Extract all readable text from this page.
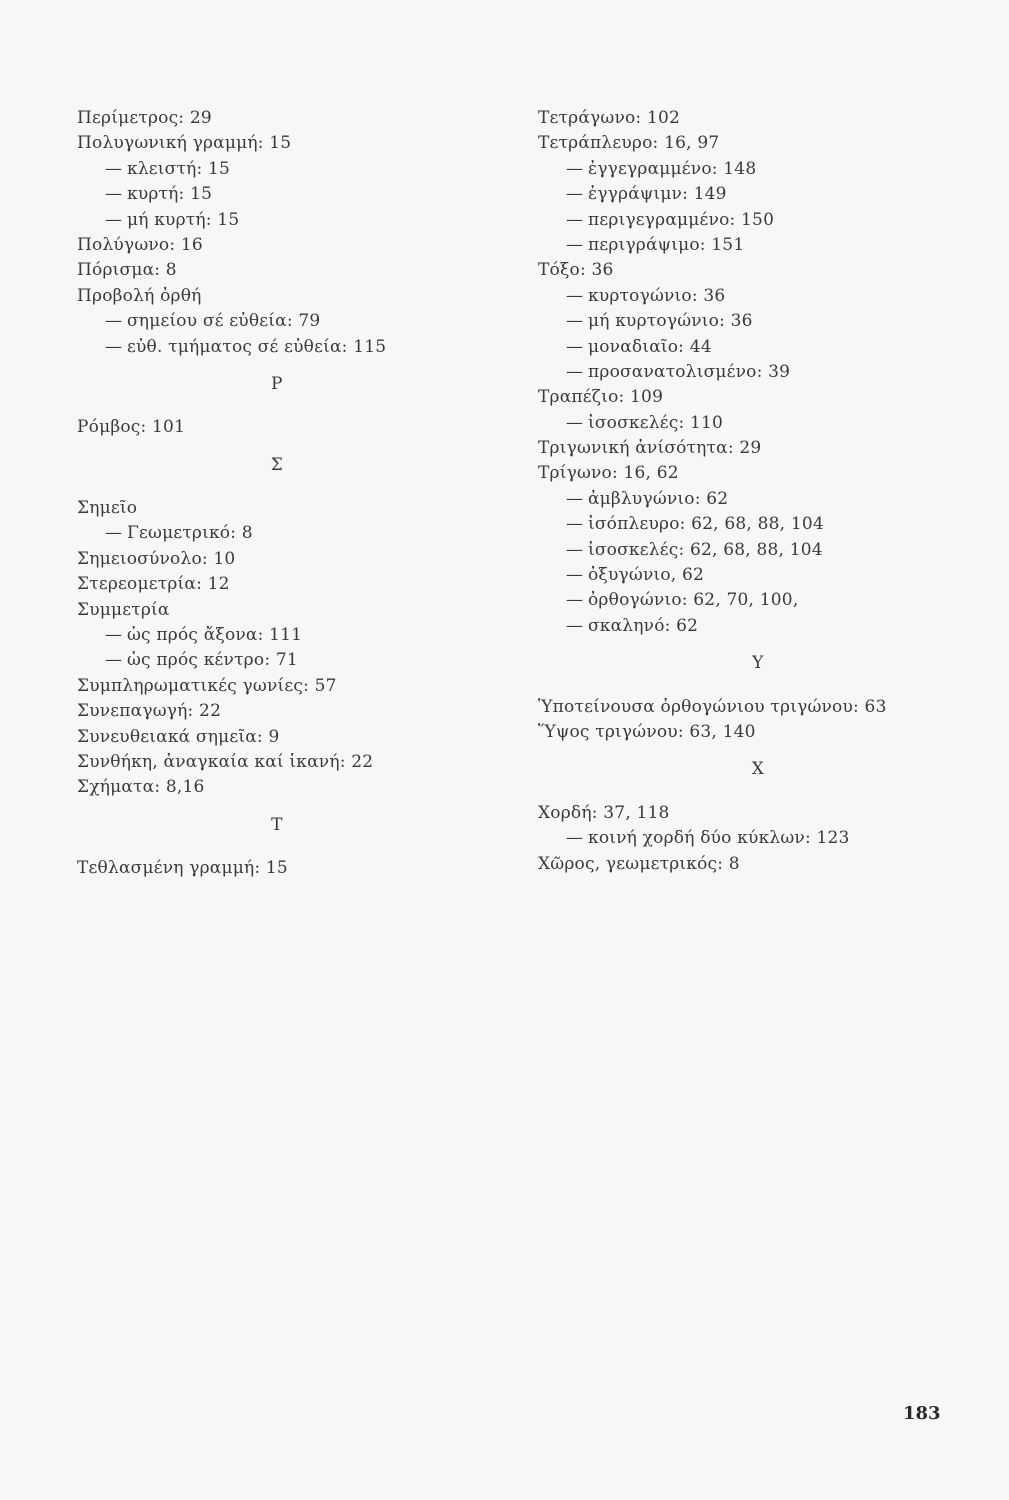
Περίμετρος: 29
Πολυγωνική γραμμή: 15
— κλειστή: 15
— κυρτή: 15
— μή κυρτή: 15
Πολύγωνο: 16
Πόρισμα: 8
Προβολή ὀρθή
— σημείου σέ εὐθεία: 79
— εὐθ. τμήματος σέ εὐθεία: 115
Ρ
Ρόμβος: 101
Σ
Σημεῖο
— Γεωμετρικό: 8
Σημειοσύνολο: 10
Στερεομετρία: 12
Συμμετρία
— ὡς πρός ἄξονα: 111
— ὡς πρός κέντρο: 71
Συμπληρωματικές γωνίες: 57
Συνεπαγωγή: 22
Συνευθειακά σημεῖα: 9
Συνθήκη, ἀναγκαία καί ἱκανή: 22
Σχήματα: 8,16
Τ
Τεθλασμένη γραμμή: 15
Τετράγωνο: 102
Τετράπλευρο: 16, 97
— ἐγγεγραμμένο: 148
— ἐγγράψιμν: 149
— περιγεγραμμένο: 150
— περιγράψιμο: 151
Τόξο: 36
— κυρτογώνιο: 36
— μή κυρτογώνιο: 36
— μοναδιαῖο: 44
— προσανατολισμένο: 39
Τραπέζιο: 109
— ἰσοσκελές: 110
Τριγωνική ἀνίσότητα: 29
Τρίγωνο: 16, 62
— ἀμβλυγώνιο: 62
— ἰσόπλευρο: 62, 68, 88, 104
— ἰσοσκελές: 62, 68, 88, 104
— ὀξυγώνιο, 62
— ὀρθογώνιο: 62, 70, 100,
— σκαληνό: 62
Υ
Ὑποτείνουσα ὀρθογώνιου τριγώνου: 63
Ὕψος τριγώνου: 63, 140
Χ
Χορδή: 37, 118
— κοινή χορδή δύο κύκλων: 123
Χῶρος, γεωμετρικός: 8
183
